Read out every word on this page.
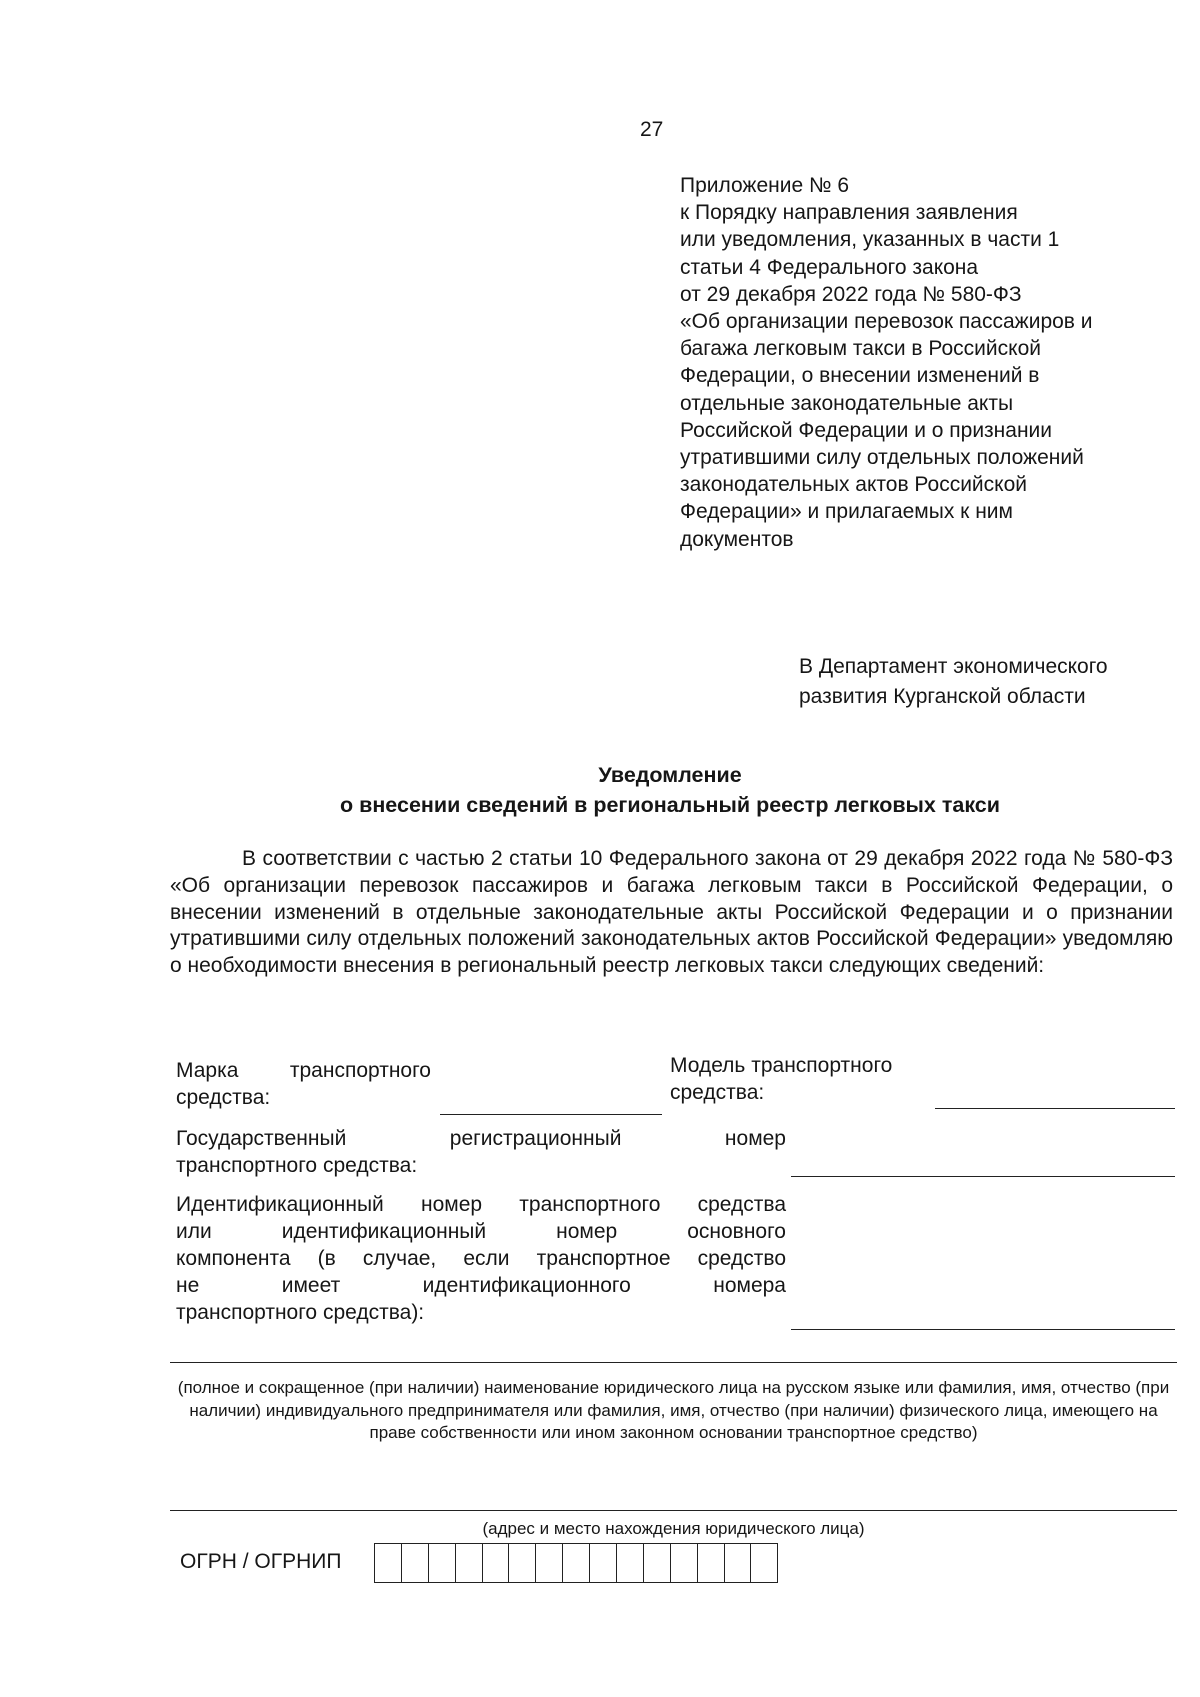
27
Приложение № 6
к Порядку направления заявления
или уведомления, указанных в части 1
статьи 4 Федерального закона
от 29 декабря 2022 года № 580-ФЗ
«Об организации перевозок пассажиров и
багажа легковым такси в Российской
Федерации, о внесении изменений в
отдельные законодательные акты
Российской Федерации и о признании
утратившими силу отдельных положений
законодательных актов Российской
Федерации» и прилагаемых к ним
документов
В Департамент экономического
развития Курганской области
Уведомление
о внесении сведений в региональный реестр легковых такси
В соответствии с частью 2 статьи 10 Федерального закона от 29 декабря 2022 года № 580-ФЗ «Об организации перевозок пассажиров и багажа легковым такси в Российской Федерации, о внесении изменений в отдельные законодательные акты Российской Федерации и о признании утратившими силу отдельных положений законодательных актов Российской Федерации» уведомляю о необходимости внесения в региональный реестр легковых такси следующих сведений:
Марка транспортного
средства:
Модель транспортного
средства:
Государственный регистрационный номер
транспортного средства:
Идентификационный номер транспортного средства
или идентификационный номер основного
компонента (в случае, если транспортное средство
не имеет идентификационного номера
транспортного средства):
(полное и сокращенное (при наличии) наименование юридического лица на русском языке или фамилия, имя, отчество (при наличии) индивидуального предпринимателя или фамилия, имя, отчество (при наличии) физического лица, имеющего на праве собственности или ином законном основании транспортное средство)
(адрес и место нахождения юридического лица)
ОГРН / ОГРНИП
